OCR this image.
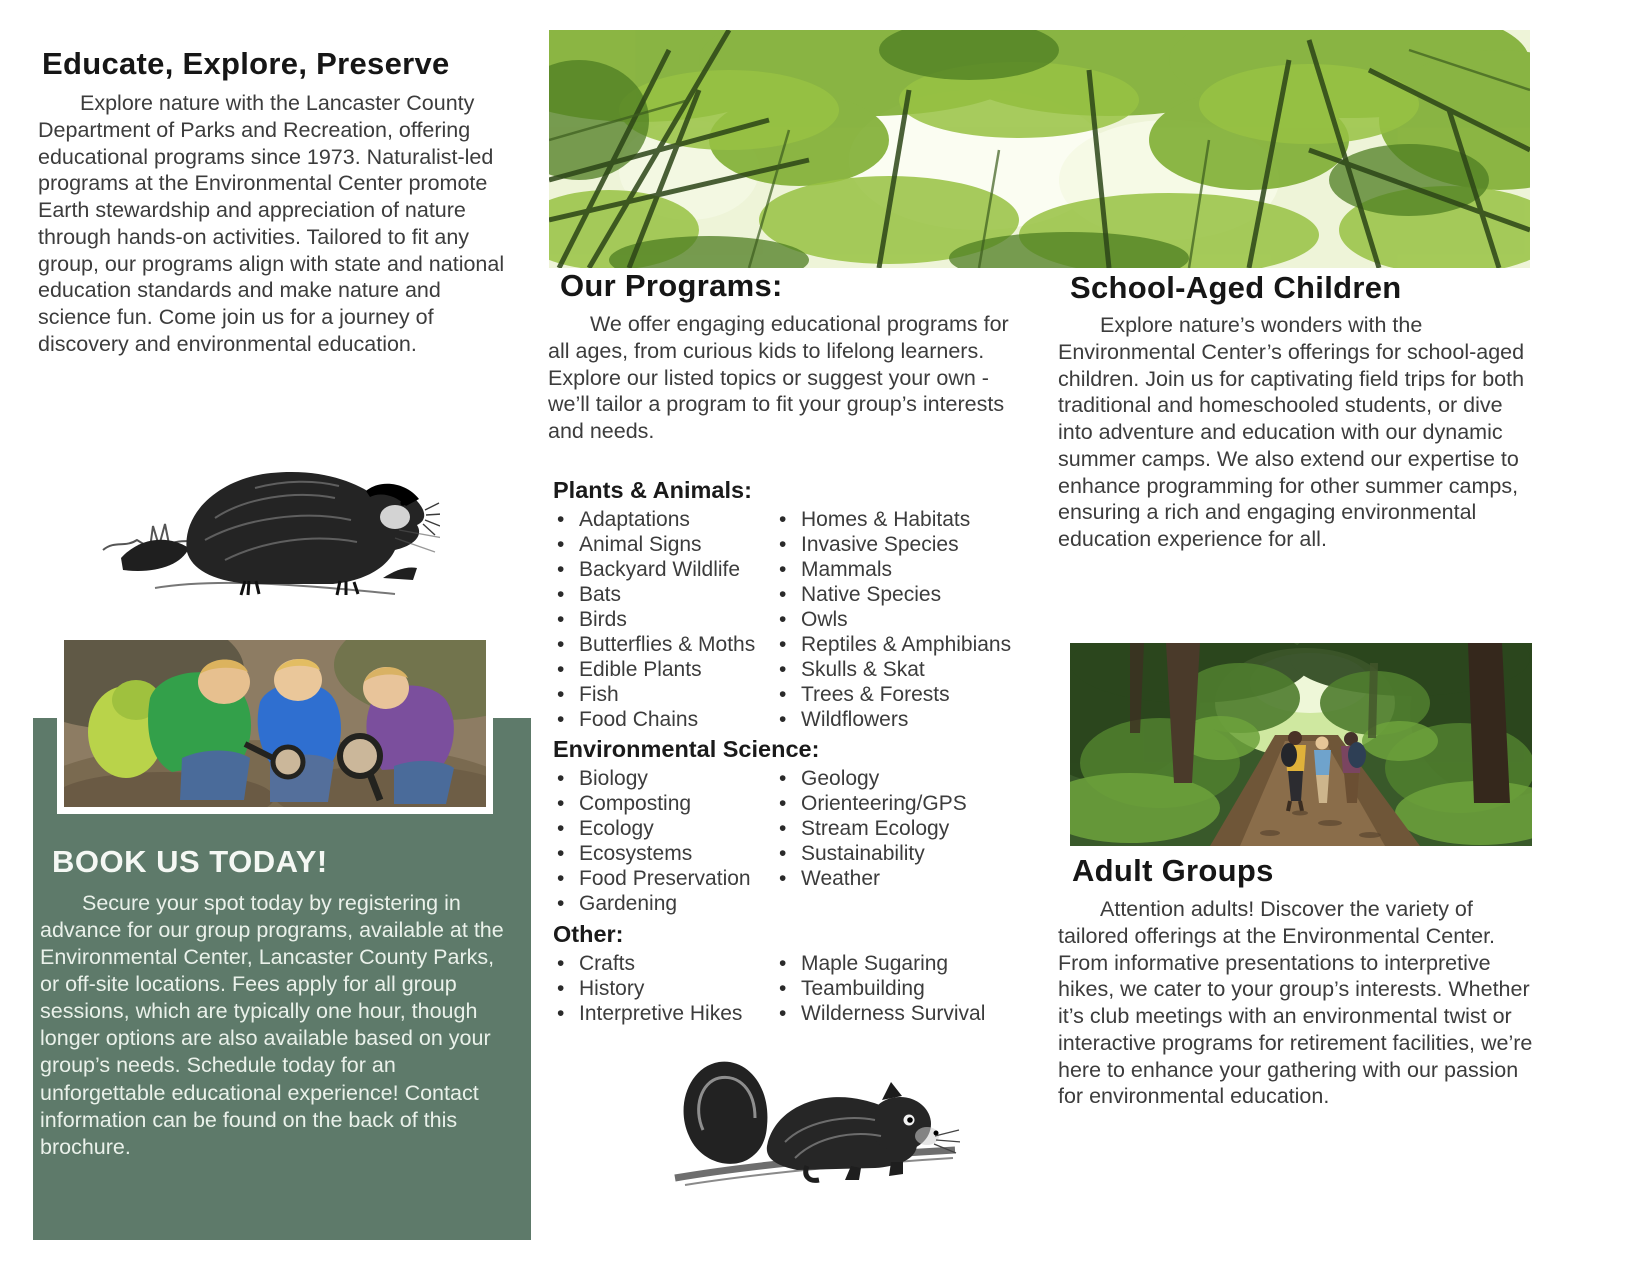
Educate, Explore, Preserve
Explore nature with the Lancaster County Department of Parks and Recreation, offering educational programs since 1973. Naturalist-led programs at the Environmental Center promote Earth stewardship and appreciation of nature through hands-on activities. Tailored to fit any group, our programs align with state and national education standards and make nature and science fun. Come join us for a journey of discovery and environmental education.
BOOK US TODAY!
Secure your spot today by registering in advance for our group programs, available at the Environmental Center, Lancaster County Parks, or off-site locations. Fees apply for all group sessions, which are typically one hour, though longer options are also available based on your group’s needs. Schedule today for an unforgettable educational experience! Contact information can be found on the back of this brochure.
Our Programs:
We offer engaging educational programs for all ages, from curious kids to lifelong learners. Explore our listed topics or suggest your own - we’ll tailor a program to fit your group’s interests and needs.
Plants & Animals:
• Adaptations
• Animal Signs
• Backyard Wildlife
• Bats
• Birds
• Butterflies & Moths
• Edible Plants
• Fish
• Food Chains
• Homes & Habitats
• Invasive Species
• Mammals
• Native Species
• Owls
• Reptiles & Amphibians
• Skulls & Skat
• Trees & Forests
• Wildflowers
Environmental Science:
• Biology
• Composting
• Ecology
• Ecosystems
• Food Preservation
• Gardening
• Geology
• Orienteering/GPS
• Stream Ecology
• Sustainability
• Weather
Other:
• Crafts
• History
• Interpretive Hikes
• Maple Sugaring
• Teambuilding
• Wilderness Survival
School-Aged Children
Explore nature’s wonders with the Environmental Center’s offerings for school-aged children. Join us for captivating field trips for both traditional and homeschooled students, or dive into adventure and education with our dynamic summer camps. We also extend our expertise to enhance programming for other summer camps, ensuring a rich and engaging environmental education experience for all.
Adult Groups
Attention adults! Discover the variety of tailored offerings at the Environmental Center. From informative presentations to interpretive hikes, we cater to your group’s interests. Whether it’s club meetings with an environmental twist or interactive programs for retirement facilities, we’re here to enhance your gathering with our passion for environmental education.
